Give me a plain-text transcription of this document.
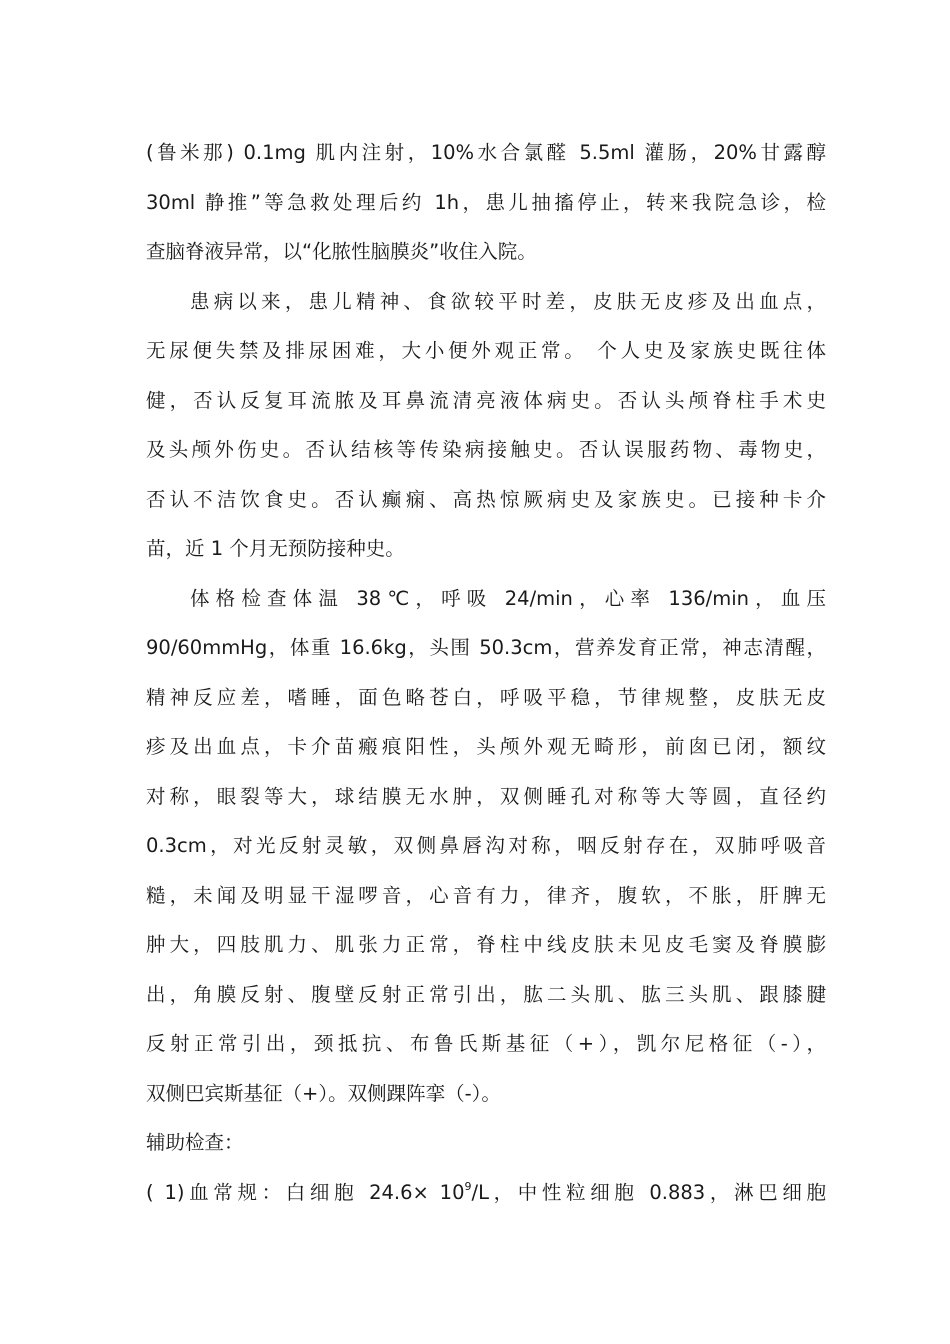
(鲁米那) 0.1mg 肌内注射，10%水合氯醛 5.5ml 灌肠，20%甘露醇
30ml 静推”等急救处理后约 1h，患儿抽搐停止，转来我院急诊，检
查脑脊液异常，以“化脓性脑膜炎”收住入院。
患病以来，患儿精神、食欲较平时差，皮肤无皮疹及出血点，
无尿便失禁及排尿困难，大小便外观正常。 个人史及家族史既往体
健，否认反复耳流脓及耳鼻流清亮液体病史。否认头颅脊柱手术史
及头颅外伤史。否认结核等传染病接触史。否认误服药物、毒物史，
否认不洁饮食史。否认癫痫、高热惊厥病史及家族史。已接种卡介
苗，近 1 个月无预防接种史。
体格检查体温 38℃，呼吸 24/min，心率 136/min，血压
90/60mmHg，体重 16.6kg，头围 50.3cm，营养发育正常，神志清醒，
精神反应差，嗜睡，面色略苍白，呼吸平稳，节律规整，皮肤无皮
疹及出血点，卡介苗瘢痕阳性，头颅外观无畸形，前囱已闭，额纹
对称，眼裂等大，球结膜无水肿，双侧睡孔对称等大等圆，直径约
0.3cm，对光反射灵敏，双侧鼻唇沟对称，咽反射存在，双肺呼吸音
糙，未闻及明显干湿啰音，心音有力，律齐，腹软，不胀，肝脾无
肿大，四肢肌力、肌张力正常，脊柱中线皮肤未见皮毛窦及脊膜膨
出，角膜反射、腹壁反射正常引出，肱二头肌、肱三头肌、跟膝腱
反射正常引出，颈抵抗、布鲁氏斯基征（+），凯尔尼格征（-），
双侧巴宾斯基征（+）。双侧踝阵挛（-）。
辅助检查：
( 1)血常规：白细胞 $24.6\times 10^9/L$，中性粒细胞 0.883，淋巴细胞
